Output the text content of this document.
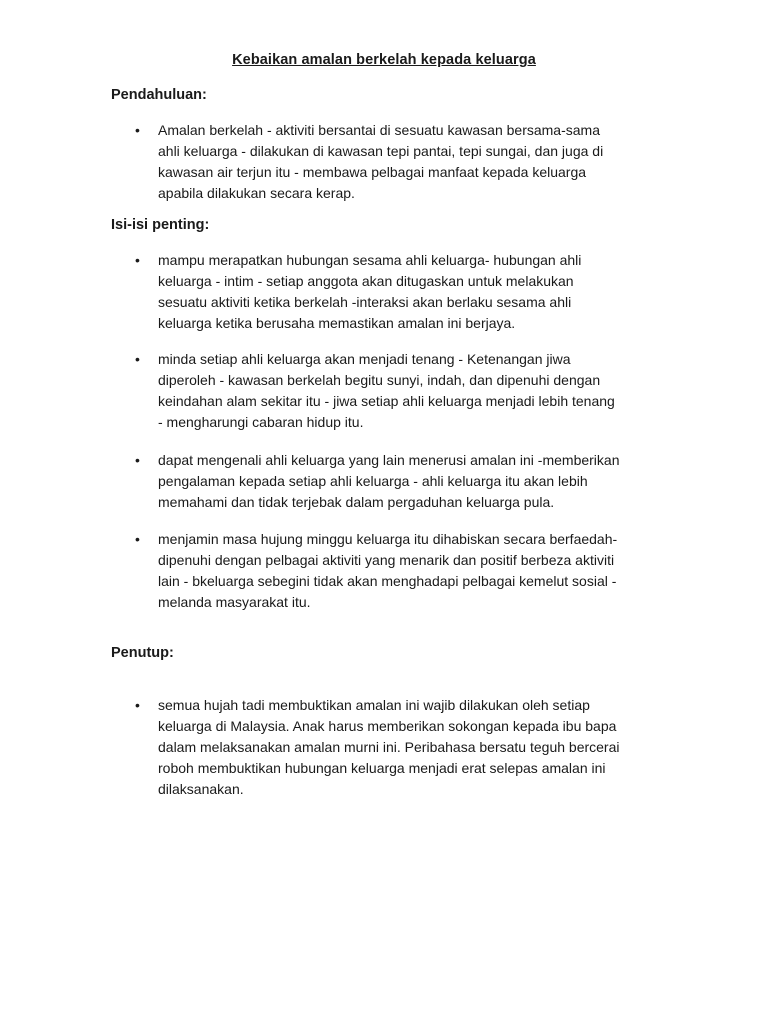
Kebaikan amalan berkelah kepada keluarga
Pendahuluan:
•	Amalan berkelah - aktiviti bersantai di sesuatu kawasan bersama-sama
ahli keluarga - dilakukan di kawasan tepi pantai, tepi sungai, dan juga di
kawasan air terjun itu - membawa pelbagai manfaat kepada keluarga
apabila dilakukan secara kerap.
Isi-isi penting:
•	mampu merapatkan hubungan sesama ahli keluarga- hubungan ahli
keluarga - intim - setiap anggota akan ditugaskan untuk melakukan
sesuatu aktiviti ketika berkelah -interaksi akan berlaku sesama ahli
keluarga ketika berusaha memastikan amalan ini berjaya.
•	minda setiap ahli keluarga akan menjadi tenang - Ketenangan jiwa
diperoleh - kawasan berkelah begitu sunyi, indah, dan dipenuhi dengan
keindahan alam sekitar itu - jiwa setiap ahli keluarga menjadi lebih tenang
- mengharungi cabaran hidup itu.
•	dapat mengenali ahli keluarga yang lain menerusi amalan ini -memberikan
pengalaman kepada setiap ahli keluarga - ahli keluarga itu akan lebih
memahami dan tidak terjebak dalam pergaduhan keluarga pula.
•	menjamin masa hujung minggu keluarga itu dihabiskan secara berfaedah-
dipenuhi dengan pelbagai aktiviti yang menarik dan positif berbeza aktiviti
lain - bkeluarga sebegini tidak akan menghadapi pelbagai kemelut sosial -
melanda masyarakat itu.
Penutup:
•	semua hujah tadi membuktikan amalan ini wajib dilakukan oleh setiap
keluarga di Malaysia. Anak harus memberikan sokongan kepada ibu bapa
dalam melaksanakan amalan murni ini. Peribahasa bersatu teguh bercerai
roboh membuktikan hubungan keluarga menjadi erat selepas amalan ini
dilaksanakan.
